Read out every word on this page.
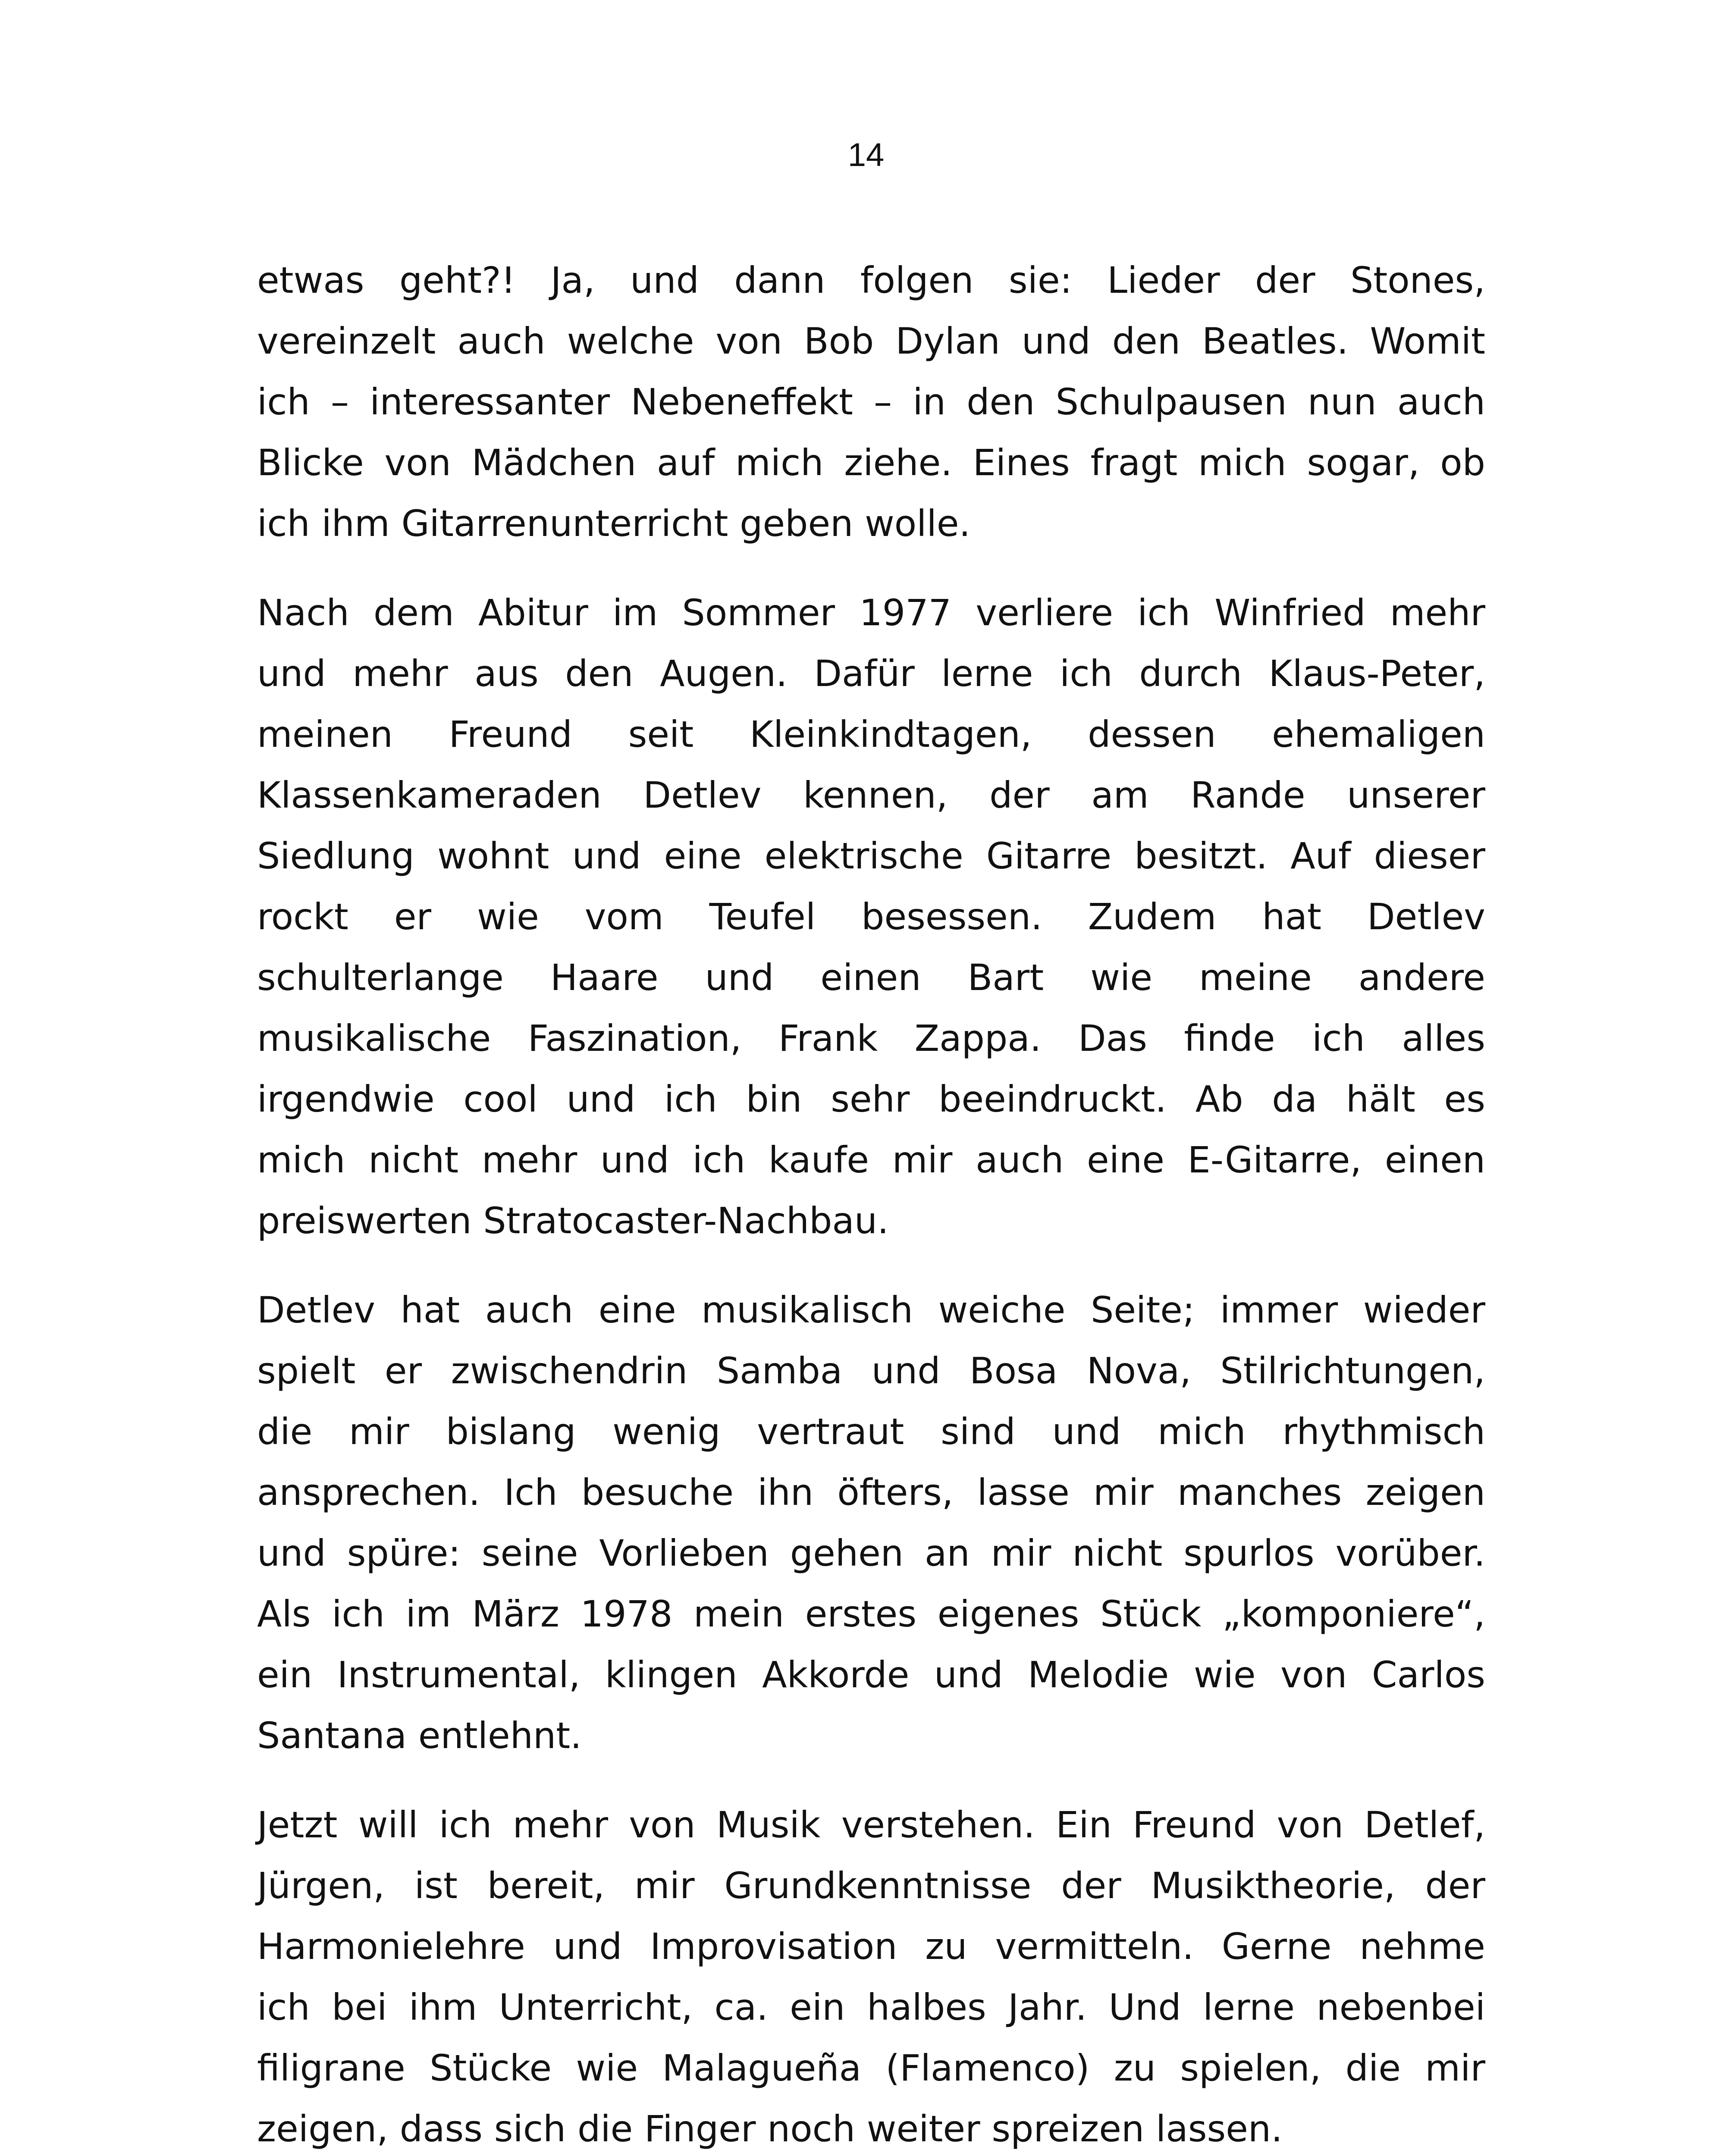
14
etwas geht?! Ja, und dann folgen sie: Lieder der Stones,
vereinzelt auch welche von Bob Dylan und den Beatles. Womit
ich – interessanter Nebeneffekt – in den Schulpausen nun auch
Blicke von Mädchen auf mich ziehe. Eines fragt mich sogar, ob
ich ihm Gitarrenunterricht geben wolle.
Nach dem Abitur im Sommer 1977 verliere ich Winfried mehr
und mehr aus den Augen. Dafür lerne ich durch Klaus-Peter,
meinen Freund seit Kleinkindtagen, dessen ehemaligen
Klassenkameraden Detlev kennen, der am Rande unserer
Siedlung wohnt und eine elektrische Gitarre besitzt. Auf dieser
rockt er wie vom Teufel besessen. Zudem hat Detlev
schulterlange Haare und einen Bart wie meine andere
musikalische Faszination, Frank Zappa. Das finde ich alles
irgendwie cool und ich bin sehr beeindruckt. Ab da hält es
mich nicht mehr und ich kaufe mir auch eine E-Gitarre, einen
preiswerten Stratocaster-Nachbau.
Detlev hat auch eine musikalisch weiche Seite; immer wieder
spielt er zwischendrin Samba und Bosa Nova, Stilrichtungen,
die mir bislang wenig vertraut sind und mich rhythmisch
ansprechen. Ich besuche ihn öfters, lasse mir manches zeigen
und spüre: seine Vorlieben gehen an mir nicht spurlos vorüber.
Als ich im März 1978 mein erstes eigenes Stück „komponiere“,
ein Instrumental, klingen Akkorde und Melodie wie von Carlos
Santana entlehnt.
Jetzt will ich mehr von Musik verstehen. Ein Freund von Detlef,
Jürgen, ist bereit, mir Grundkenntnisse der Musiktheorie, der
Harmonielehre und Improvisation zu vermitteln. Gerne nehme
ich bei ihm Unterricht, ca. ein halbes Jahr. Und lerne nebenbei
filigrane Stücke wie Malagueña (Flamenco) zu spielen, die mir
zeigen, dass sich die Finger noch weiter spreizen lassen.
